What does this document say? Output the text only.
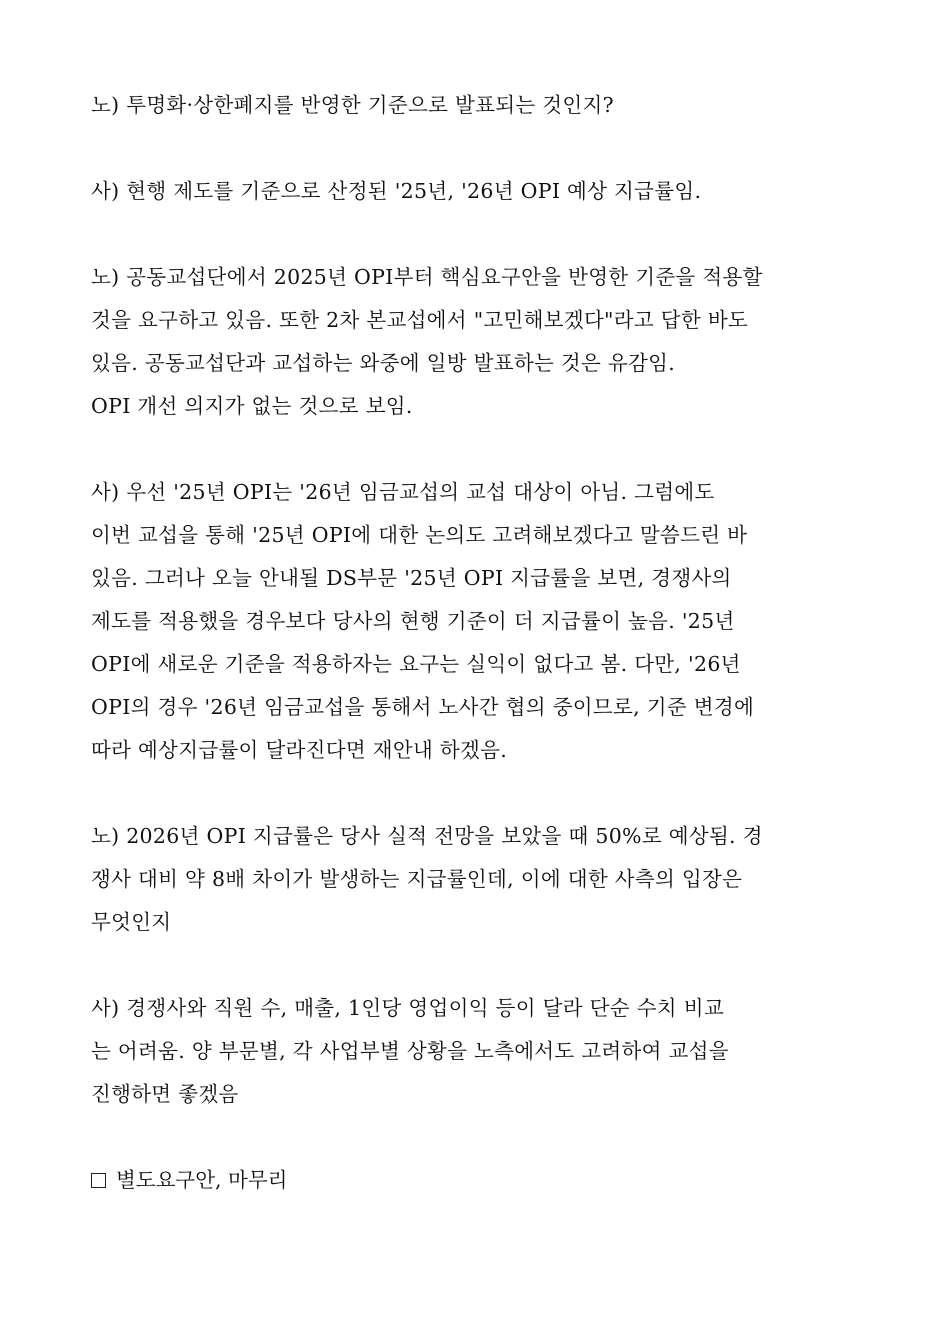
노) 투명화·상한폐지를 반영한 기준으로 발표되는 것인지?
사) 현행 제도를 기준으로 산정된 '25년, '26년 OPI 예상 지급률임.
노) 공동교섭단에서 2025년 OPI부터 핵심요구안을 반영한 기준을 적용할
것을 요구하고 있음. 또한 2차 본교섭에서 "고민해보겠다"라고 답한 바도
있음. 공동교섭단과 교섭하는 와중에 일방 발표하는 것은 유감임.
OPI 개선 의지가 없는 것으로 보임.
사) 우선 '25년 OPI는 '26년 임금교섭의 교섭 대상이 아님. 그럼에도
이번 교섭을 통해 '25년 OPI에 대한 논의도 고려해보겠다고 말씀드린 바
있음. 그러나 오늘 안내될 DS부문 '25년 OPI 지급률을 보면, 경쟁사의
제도를 적용했을 경우보다 당사의 현행 기준이 더 지급률이 높음. '25년
OPI에 새로운 기준을 적용하자는 요구는 실익이 없다고 봄. 다만, '26년
OPI의 경우 '26년 임금교섭을 통해서 노사간 협의 중이므로, 기준 변경에
따라 예상지급률이 달라진다면 재안내 하겠음.
노) 2026년 OPI 지급률은 당사 실적 전망을 보았을 때 50%로 예상됨. 경
쟁사 대비 약 8배 차이가 발생하는 지급률인데, 이에 대한 사측의 입장은
무엇인지
사) 경쟁사와 직원 수, 매출, 1인당 영업이익 등이 달라 단순 수치 비교
는 어려움. 양 부문별, 각 사업부별 상황을 노측에서도 고려하여 교섭을
진행하면 좋겠음
별도요구안, 마무리
